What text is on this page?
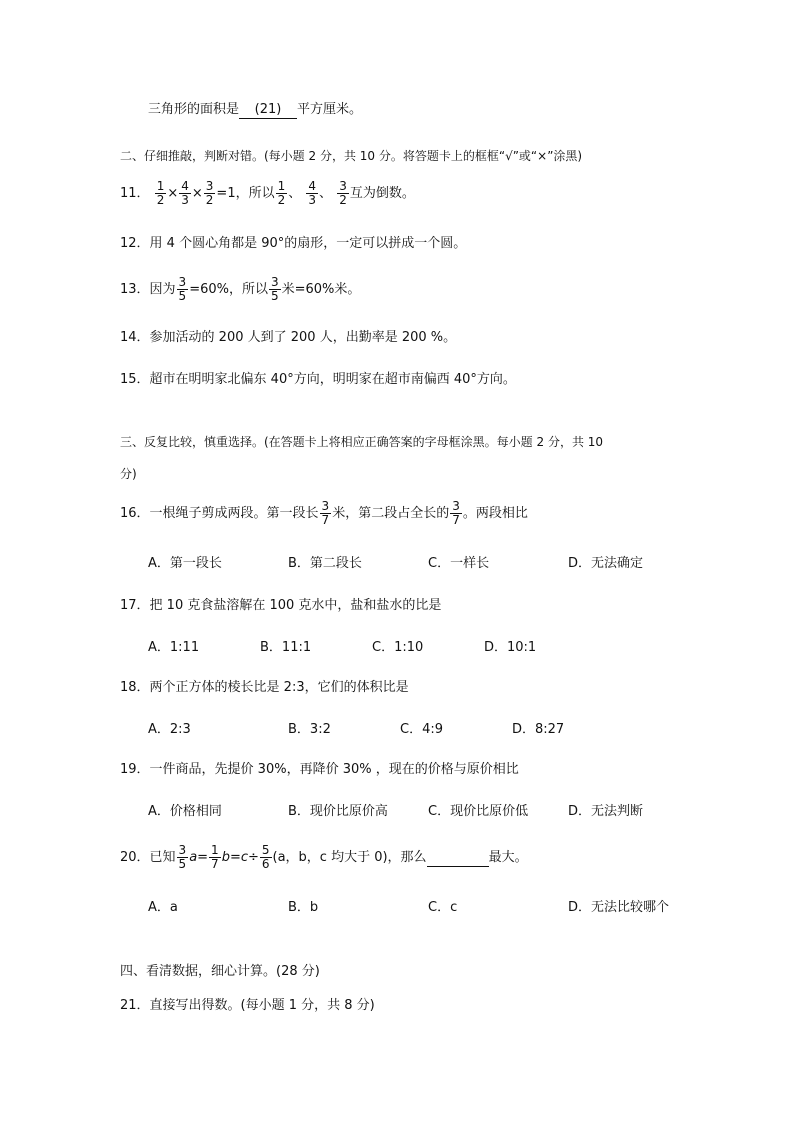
三角形的面积是 (21) 平方厘米。
二、仔细推敲，判断对错。(每小题 2 分，共 10 分。将答题卡上的框框“√”或“×”涂黑)
11． $\frac{1}{2} \times \frac{4}{3} \times \frac{3}{2} =1$，所以 $\frac{1}{2}$ 、 $\frac{4}{3}$ 、 $\frac{3}{2}$ 互为倒数。
12．用 4 个圆心角都是 90°的扇形，一定可以拼成一个圆。
13．因为 $\frac{3}{5} =60\%$，所以 $\frac{3}{5}$ 米=60%米。
14．参加活动的 200 人到了 200 人，出勤率是 200 %。
15．超市在明明家北偏东 40°方向，明明家在超市南偏西 40°方向。
三、反复比较，慎重选择。(在答题卡上将相应正确答案的字母框涂黑。每小题 2 分，共 10
分)
16．一根绳子剪成两段。第一段长 $\frac{3}{7}$ 米，第二段占全长的 $\frac{3}{7}$ 。两段相比
A．第一段长	B．第二段长	C．一样长	D．无法确定
17．把 10 克食盐溶解在 100 克水中，盐和盐水的比是
A．1:11	B．11:1	C．1:10	D．10:1
18．两个正方体的棱长比是 2:3，它们的体积比是
A．2:3	B．3:2	C．4:9	D．8:27
19．一件商品，先提价 30%，再降价 30% ，现在的价格与原价相比
A．价格相同	B．现价比原价高	C．现价比原价低	D．无法判断
20．已知 $\frac{3}{5} a= \frac{1}{7} b=c\div \frac{5}{6} (a$，b，c 均大于 0)，那么	最大。
A．a	B．b	C．c	D．无法比较哪个
四、看清数据，细心计算。(28 分)
21．直接写出得数。(每小题 1 分，共 8 分)
